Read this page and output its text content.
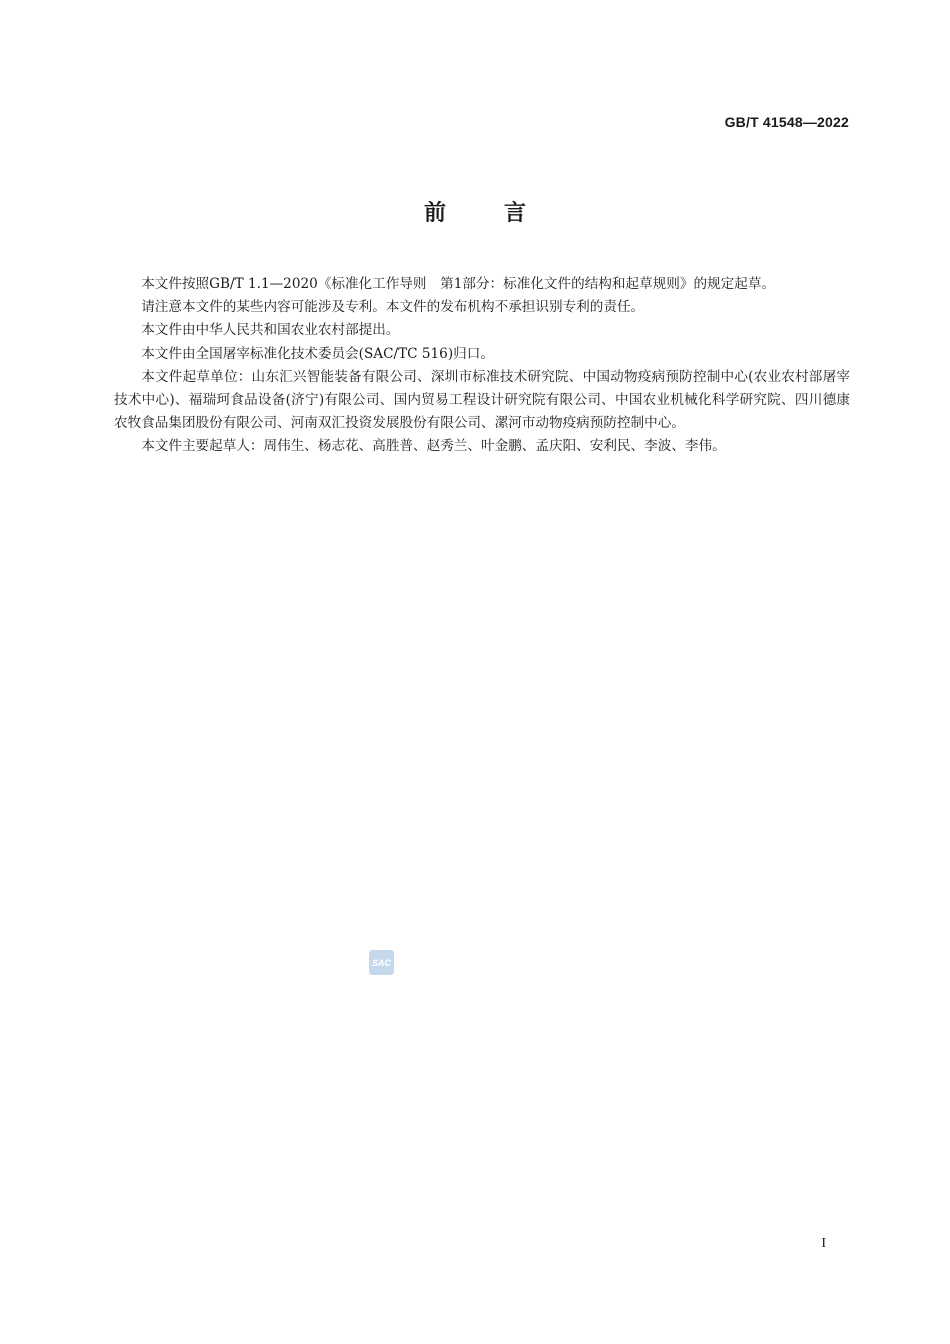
GB/T 41548—2022
前言

本文件按照GB/T 1.1—2020《标准化工作导则　第1部分：标准化文件的结构和起草规则》的规定起草。

请注意本文件的某些内容可能涉及专利。本文件的发布机构不承担识别专利的责任。

本文件由中华人民共和国农业农村部提出。

本文件由全国屠宰标准化技术委员会(SAC/TC 516)归口。

本文件起草单位：山东汇兴智能装备有限公司、深圳市标准技术研究院、中国动物疫病预防控制中心(农业农村部屠宰技术中心)、福瑞珂食品设备(济宁)有限公司、国内贸易工程设计研究院有限公司、中国农业机械化科学研究院、四川德康农牧食品集团股份有限公司、河南双汇投资发展股份有限公司、漯河市动物疫病预防控制中心。

本文件主要起草人：周伟生、杨志花、高胜普、赵秀兰、叶金鹏、孟庆阳、安利民、李波、李伟。

SAC
I
